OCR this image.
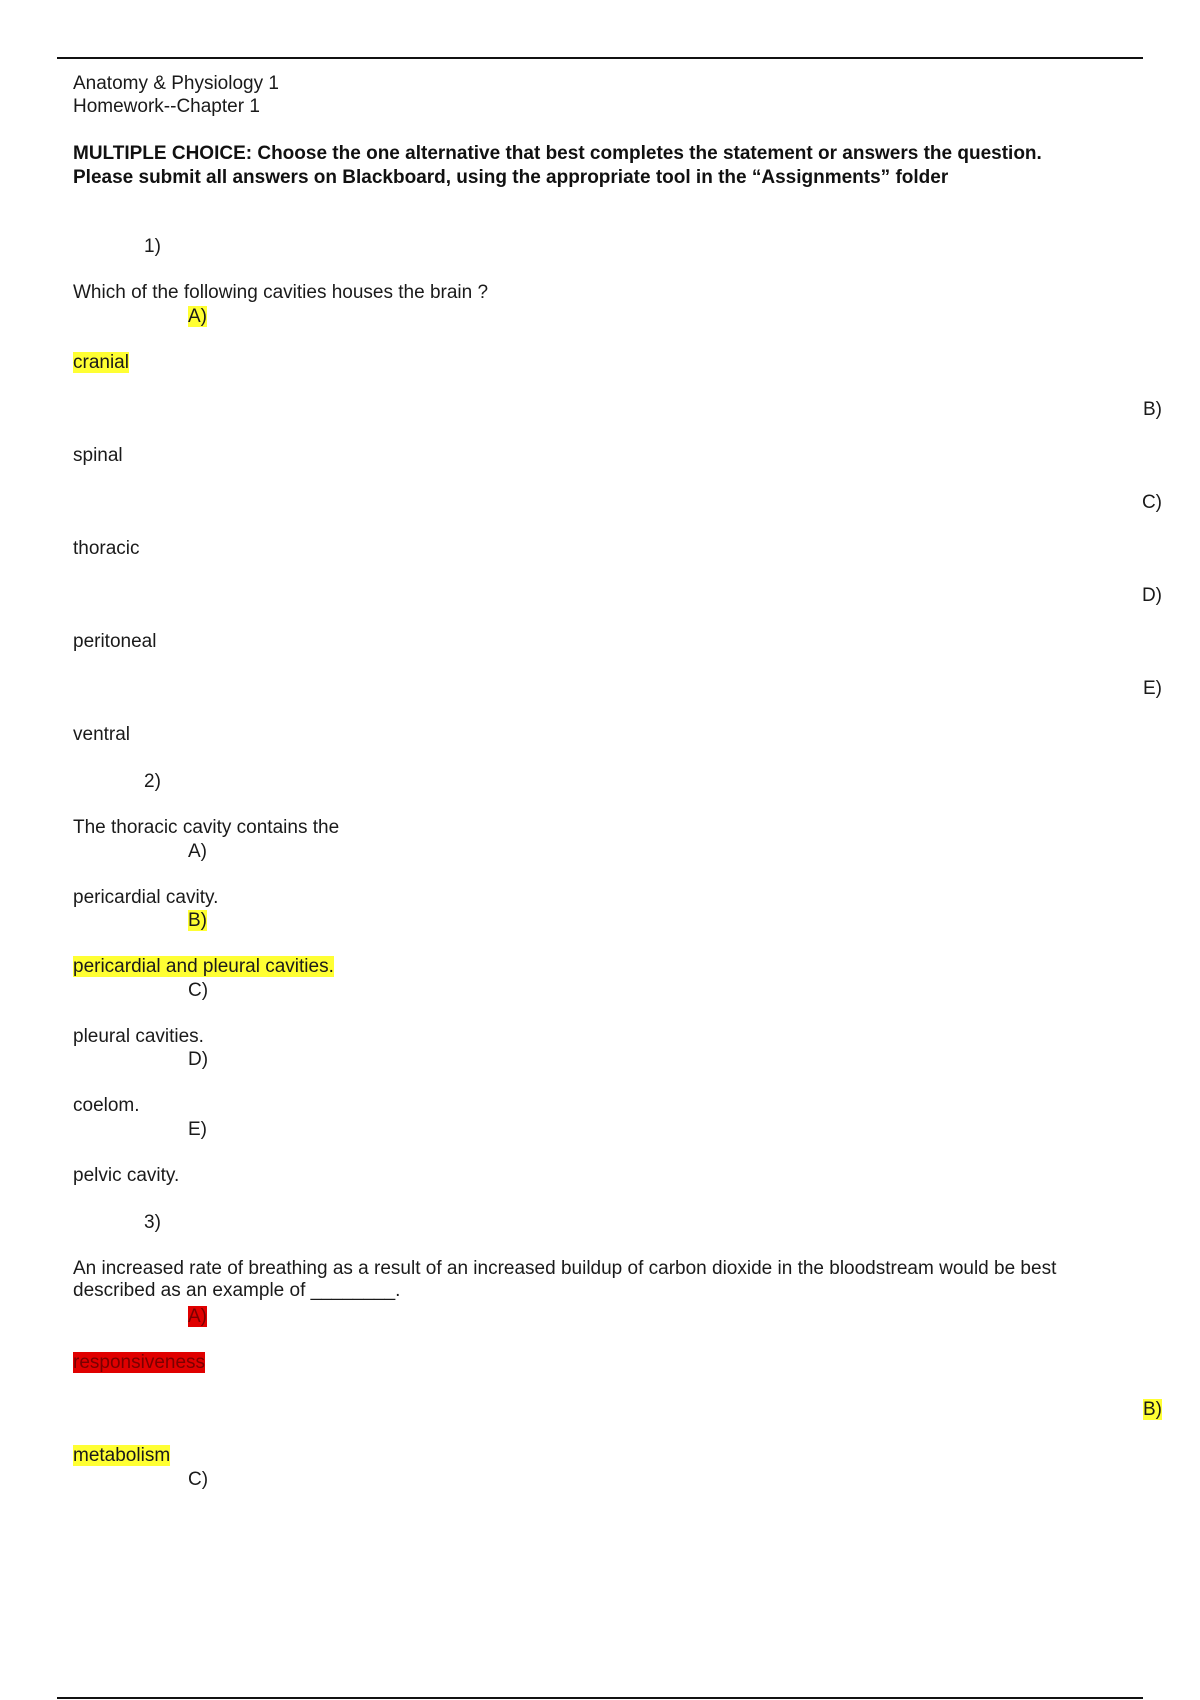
Anatomy & Physiology 1
Homework--Chapter 1
MULTIPLE CHOICE: Choose the one alternative that best completes the statement or answers the question.
Please submit all answers on Blackboard, using the appropriate tool in the “Assignments” folder
1)
Which of the following cavities houses the brain ?
A)
cranial
B)
spinal
C)
thoracic
D)
peritoneal
E)
ventral
2)
The thoracic cavity contains the
A)
pericardial cavity.
B)
pericardial and pleural cavities.
C)
pleural cavities.
D)
coelom.
E)
pelvic cavity.
3)
An increased rate of breathing as a result of an increased buildup of carbon dioxide in the bloodstream would be best described as an example of ________.
A)
responsiveness
B)
metabolism
C)
